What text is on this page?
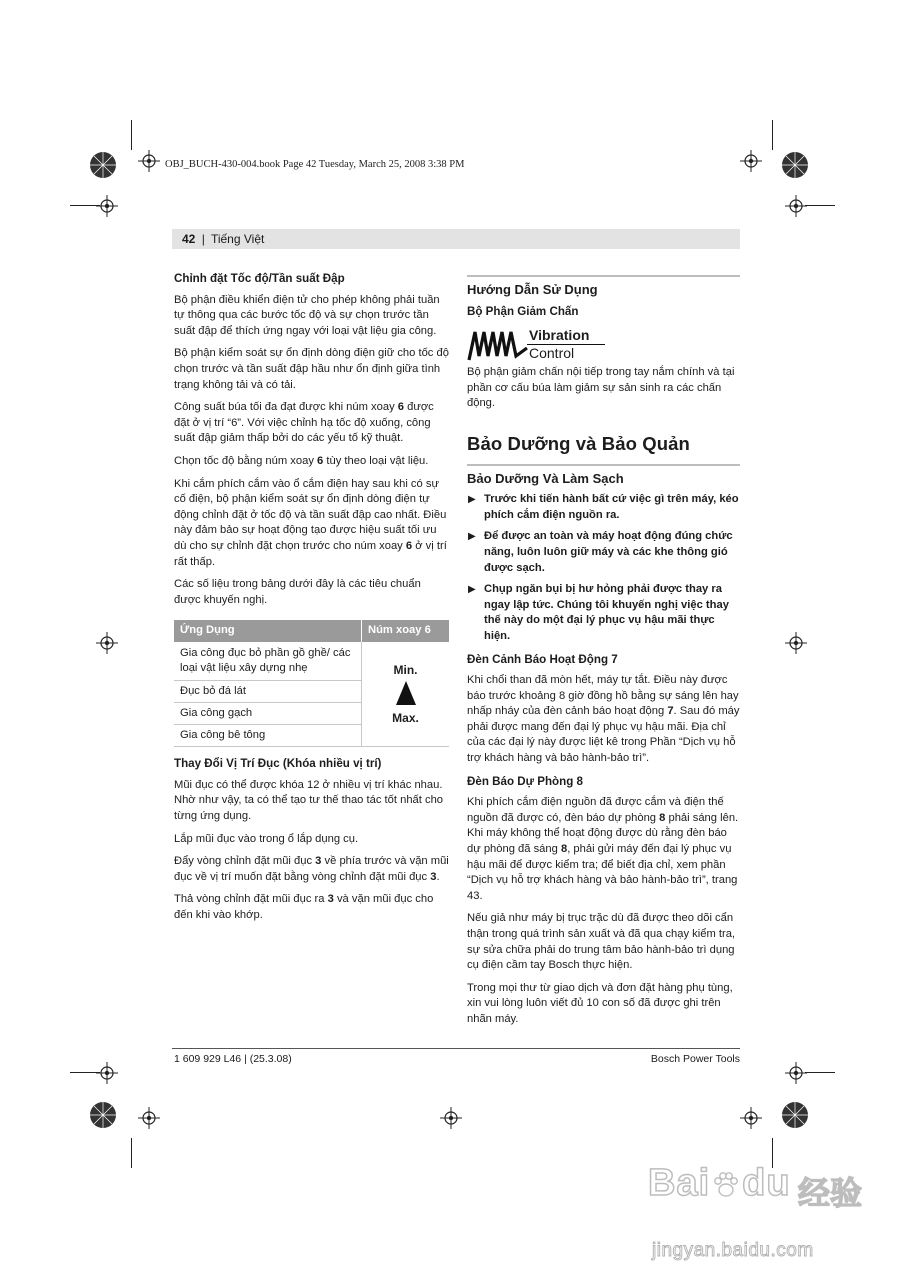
OBJ_BUCH-430-004.book Page 42 Tuesday, March 25, 2008 3:38 PM
42 | Tiếng Việt
Chỉnh đặt Tốc độ/Tần suất Đập

Bộ phận điều khiển điện tử cho phép không phải tuần tự thông qua các bước tốc độ và sự chọn trước tần suất đập để thích ứng ngay với loại vật liệu gia công.

Bộ phận kiểm soát sự ổn định dòng điện giữ cho tốc độ chọn trước và tần suất đập hầu như ổn định giữa tình trạng không tải và có tải.

Công suất búa tối đa đạt được khi núm xoay 6 được đặt ở vị trí “6”. Với việc chỉnh hạ tốc độ xuống, công suất đập giảm thấp bởi do các yếu tố kỹ thuật.

Chọn tốc độ bằng núm xoay 6 tùy theo loại vật liệu.

Khi cắm phích cắm vào ổ cắm điện hay sau khi có sự cố điện, bộ phận kiểm soát sự ổn định dòng điện tự động chỉnh đặt ở tốc độ và tần suất đập cao nhất. Điều này đảm bảo sự hoạt động tạo được hiệu suất tối ưu dù cho sự chỉnh đặt chọn trước cho núm xoay 6 ở vị trí rất thấp.

Các số liệu trong bảng dưới đây là các tiêu chuẩn được khuyến nghị.

Ứng Dụng	Núm xoay 6
Gia công đục bỏ phần gồ ghề/ các loại vật liệu xây dựng nhẹ	Min.
Max.

Đục bỏ đá lát	
Gia công gạch	
Gia công bê tông	
Thay Đổi Vị Trí Đục (Khóa nhiều vị trí)

Mũi đục có thể được khóa 12 ở nhiều vị trí khác nhau. Nhờ như vậy, ta có thể tạo tư thế thao tác tốt nhất cho từng ứng dụng.

Lắp mũi đục vào trong ổ lắp dụng cụ.

Đẩy vòng chỉnh đặt mũi đục 3 về phía trước và vặn mũi đục về vị trí muốn đặt bằng vòng chỉnh đặt mũi đục 3.

Thả vòng chỉnh đặt mũi đục ra 3 và vặn mũi đục cho đến khi vào khớp.

Hướng Dẫn Sử Dụng
Bộ Phận Giảm Chấn
Vibration
Control

Bộ phận giảm chấn nội tiếp trong tay nắm chính và tại phần cơ cấu búa làm giảm sự sản sinh ra các chấn động.

Bảo Dưỡng và Bảo Quản
Bảo Dưỡng Và Làm Sạch
▶ Trước khi tiến hành bất cứ việc gì trên máy, kéo phích cắm điện nguồn ra.
▶ Để được an toàn và máy hoạt động đúng chức năng, luôn luôn giữ máy và các khe thông gió được sạch.
▶ Chụp ngăn bụi bị hư hỏng phải được thay ra ngay lập tức. Chúng tôi khuyến nghị việc thay thế này do một đại lý phục vụ hậu mãi thực hiện.
Đèn Cảnh Báo Hoạt Động 7

Khi chổi than đã mòn hết, máy tự tắt. Điều này được báo trước khoảng 8 giờ đồng hồ bằng sự sáng lên hay nhấp nháy của đèn cảnh báo hoạt động 7. Sau đó máy phải được mang đến đại lý phục vụ hậu mãi. Địa chỉ của các đại lý này được liệt kê trong Phần “Dịch vụ hỗ trợ khách hàng và bảo hành-bảo trì”.

Đèn Báo Dự Phòng 8

Khi phích cắm điện nguồn đã được cắm và điện thế nguồn đã được có, đèn báo dự phòng 8 phải sáng lên. Khi máy không thể hoạt động được dù rằng đèn báo dự phòng đã sáng 8, phải gửi máy đến đại lý phục vụ hậu mãi để được kiểm tra; để biết địa chỉ, xem phần “Dịch vụ hỗ trợ khách hàng và bảo hành-bảo trì”, trang 43.

Nếu giả như máy bị trục trặc dù đã được theo dõi cẩn thận trong quá trình sản xuất và đã qua chạy kiểm tra, sự sửa chữa phải do trung tâm bảo hành-bảo trì dụng cụ điện cầm tay Bosch thực hiện.

Trong mọi thư từ giao dịch và đơn đặt hàng phụ tùng, xin vui lòng luôn viết đủ 10 con số đã được ghi trên nhãn máy.

1 609 929 L46 | (25.3.08)	Bosch Power Tools
Bai du 经验
jingyan.baidu.com
